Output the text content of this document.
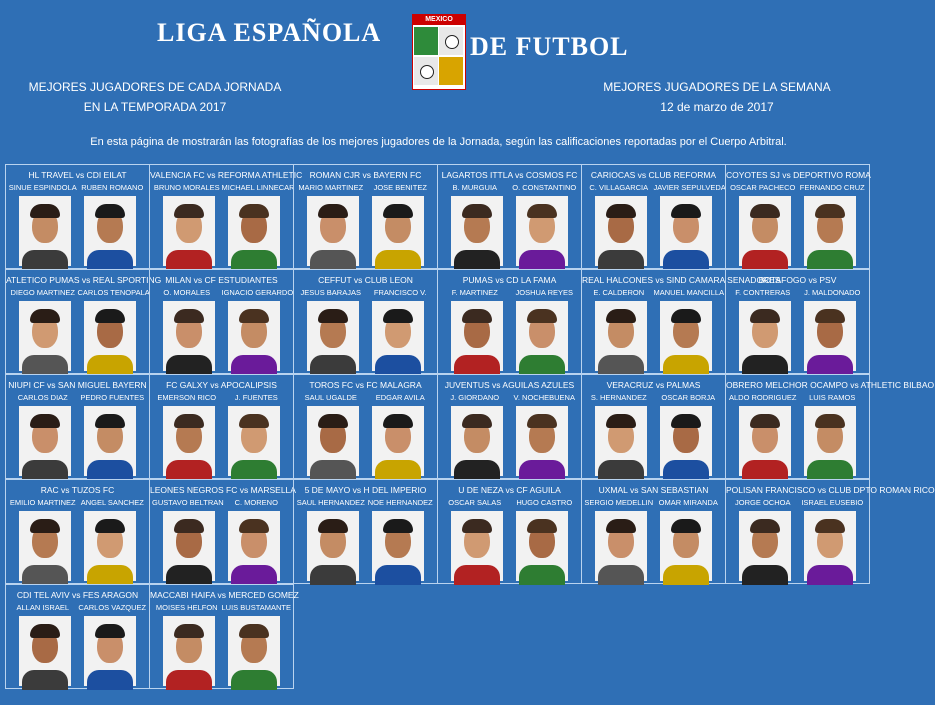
LIGA ESPAÑOLA	MEXICO
DE FUTBOL
MEJORES JUGADORES DE CADA JORNADA
EN LA TEMPORADA 2017
MEJORES JUGADORES DE LA SEMANA
12 de marzo de 2017
En esta página de mostrarán las fotografías de los mejores jugadores de la Jornada, según las calificaciones reportadas por el Cuerpo Arbitral.
HL TRAVEL vs CDI EILAT
SINUE ESPINDOLA RUBEN ROMANO
VALENCIA FC vs REFORMA ATHLETIC
BRUNO MORALES MICHAEL LINNECAR
ROMAN CJR vs BAYERN FC
MARIO MARTINEZ	JOSE BENITEZ
LAGARTOS ITTLA vs COSMOS FC
B. MURGUIA	O. CONSTANTINO
CARIOCAS vs CLUB REFORMA
C. VILLAGARCIA JAVIER SEPULVEDA
COYOTES SJ vs DEPORTIVO ROMA
OSCAR PACHECO FERNANDO CRUZ
ATLETICO PUMAS vs REAL SPORTING
DIEGO MARTINEZ CARLOS TENOPALA
MILAN vs CF ESTUDIANTES
O. MORALES	IGNACIO GERARDO
CEFFUT vs CLUB LEON
JESUS BARAJAS	FRANCISCO V.
PUMAS vs CD LA FAMA
F. MARTINEZ	JOSHUA REYES
REAL HALCONES vs SIND CAMARA SENADORES
E. CALDERON	MANUEL MANCILLA
BOTAFOGO vs PSV
F. CONTRERAS	J. MALDONADO
NIUPI CF vs SAN MIGUEL BAYERN
CARLOS DIAZ	PEDRO FUENTES
FC GALXY vs APOCALIPSIS
EMERSON RICO	J. FUENTES
TOROS FC vs FC MALAGRA
SAUL UGALDE	EDGAR AVILA
JUVENTUS vs AGUILAS AZULES
J. GIORDANO	V. NOCHEBUENA
VERACRUZ vs PALMAS
S. HERNANDEZ	OSCAR BORJA
OBRERO MELCHOR OCAMPO vs ATHLETIC BILBAO
ALDO RODRIGUEZ	LUIS RAMOS
RAC vs TUZOS FC
EMILIO MARTINEZ ANGEL SANCHEZ
LEONES NEGROS FC vs MARSELLA
GUSTAVO BELTRAN	C. MORENO
5 DE MAYO vs H DEL IMPERIO
SAUL HERNANDEZ NOE HERNANDEZ
U DE NEZA vs CF AGUILA
OSCAR SALAS	HUGO CASTRO
UXMAL vs SAN SEBASTIAN
SERGIO MEDELLIN OMAR MIRANDA
POLISAN FRANCISCO vs CLUB DPTO ROMAN RICO
JORGE OCHOA	ISRAEL EUSEBIO
CDI TEL AVIV vs FES ARAGON
ALLAN ISRAEL	CARLOS VAZQUEZ
MACCABI HAIFA vs MERCED GOMEZ
MOISES HELFON LUIS BUSTAMANTE
